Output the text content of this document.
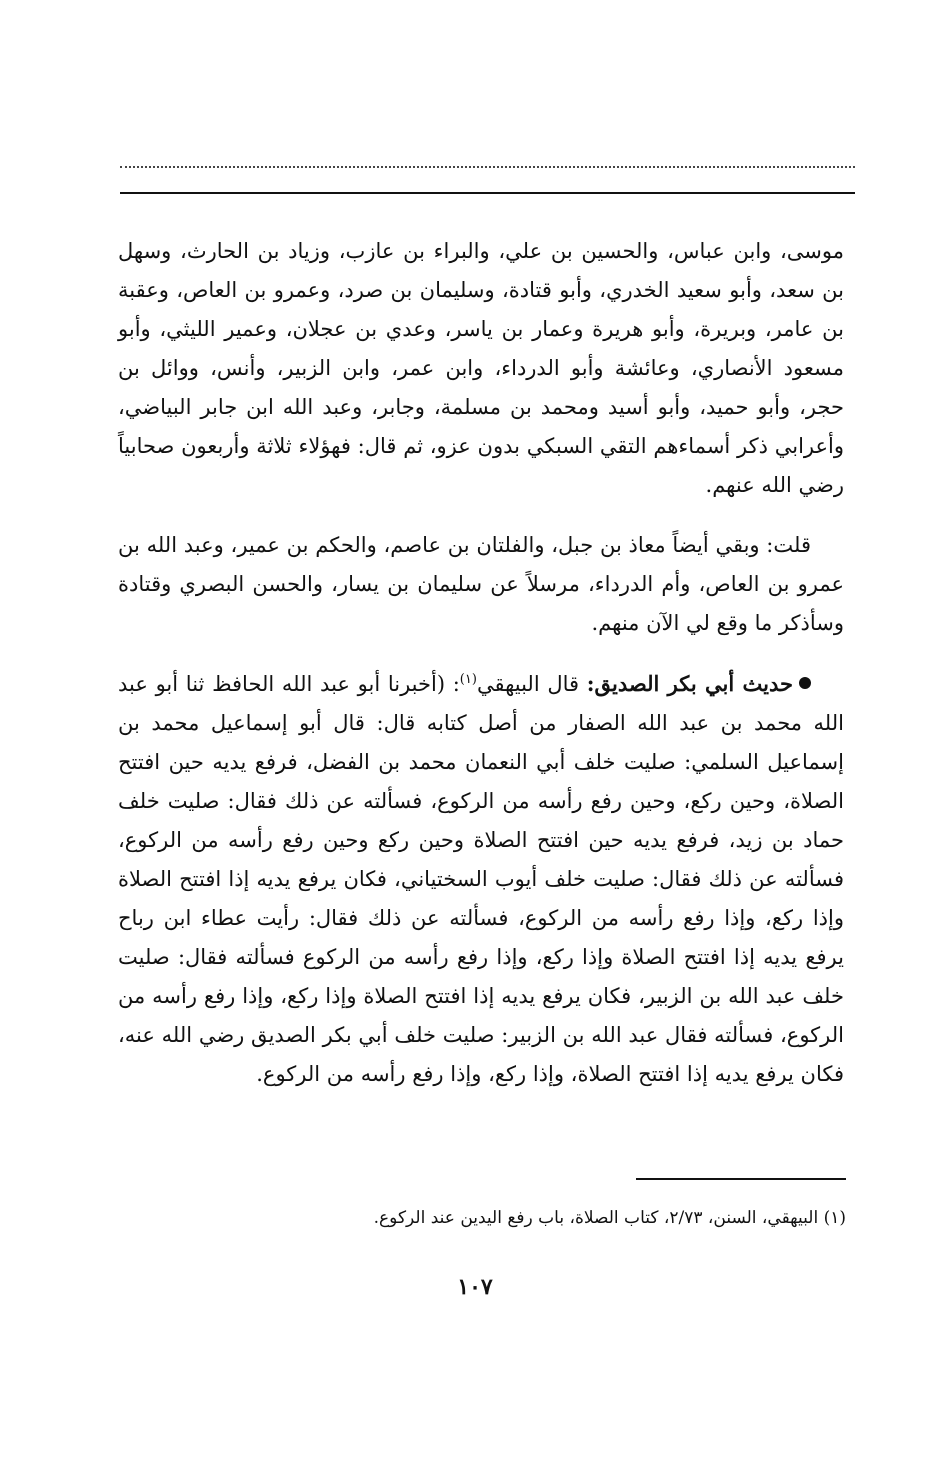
موسى، وابن عباس، والحسين بن علي، والبراء بن عازب، وزياد بن الحارث، وسهل بن سعد، وأبو سعيد الخدري، وأبو قتادة، وسليمان بن صرد، وعمرو بن العاص، وعقبة بن عامر، وبريرة، وأبو هريرة وعمار بن ياسر، وعدي بن عجلان، وعمير الليثي، وأبو مسعود الأنصاري، وعائشة وأبو الدرداء، وابن عمر، وابن الزبير، وأنس، ووائل بن حجر، وأبو حميد، وأبو أسيد ومحمد بن مسلمة، وجابر، وعبد الله ابن جابر البياضي، وأعرابي ذكر أسماءهم التقي السبكي بدون عزو، ثم قال: فهؤلاء ثلاثة وأربعون صحابياً رضي الله عنهم.

قلت: وبقي أيضاً معاذ بن جبل، والفلتان بن عاصم، والحكم بن عمير، وعبد الله بن عمرو بن العاص، وأم الدرداء، مرسلاً عن سليمان بن يسار، والحسن البصري وقتادة وسأذكر ما وقع لي الآن منهم.

حديث أبي بكر الصديق: قال البيهقي$^{(١)}$: (أخبرنا أبو عبد الله الحافظ ثنا أبو عبد الله محمد بن عبد الله الصفار من أصل كتابه قال: قال أبو إسماعيل محمد بن إسماعيل السلمي: صليت خلف أبي النعمان محمد بن الفضل، فرفع يديه حين افتتح الصلاة، وحين ركع، وحين رفع رأسه من الركوع، فسألته عن ذلك فقال: صليت خلف حماد بن زيد، فرفع يديه حين افتتح الصلاة وحين ركع وحين رفع رأسه من الركوع، فسألته عن ذلك فقال: صليت خلف أيوب السختياني، فكان يرفع يديه إذا افتتح الصلاة وإذا ركع، وإذا رفع رأسه من الركوع، فسألته عن ذلك فقال: رأيت عطاء ابن رباح يرفع يديه إذا افتتح الصلاة وإذا ركع، وإذا رفع رأسه من الركوع فسألته فقال: صليت خلف عبد الله بن الزبير، فكان يرفع يديه إذا افتتح الصلاة وإذا ركع، وإذا رفع رأسه من الركوع، فسألته فقال عبد الله بن الزبير: صليت خلف أبي بكر الصديق رضي الله عنه، فكان يرفع يديه إذا افتتح الصلاة، وإذا ركع، وإذا رفع رأسه من الركوع.

(١) البيهقي، السنن، ٢/٧٣، كتاب الصلاة، باب رفع اليدين عند الركوع.
١٠٧
